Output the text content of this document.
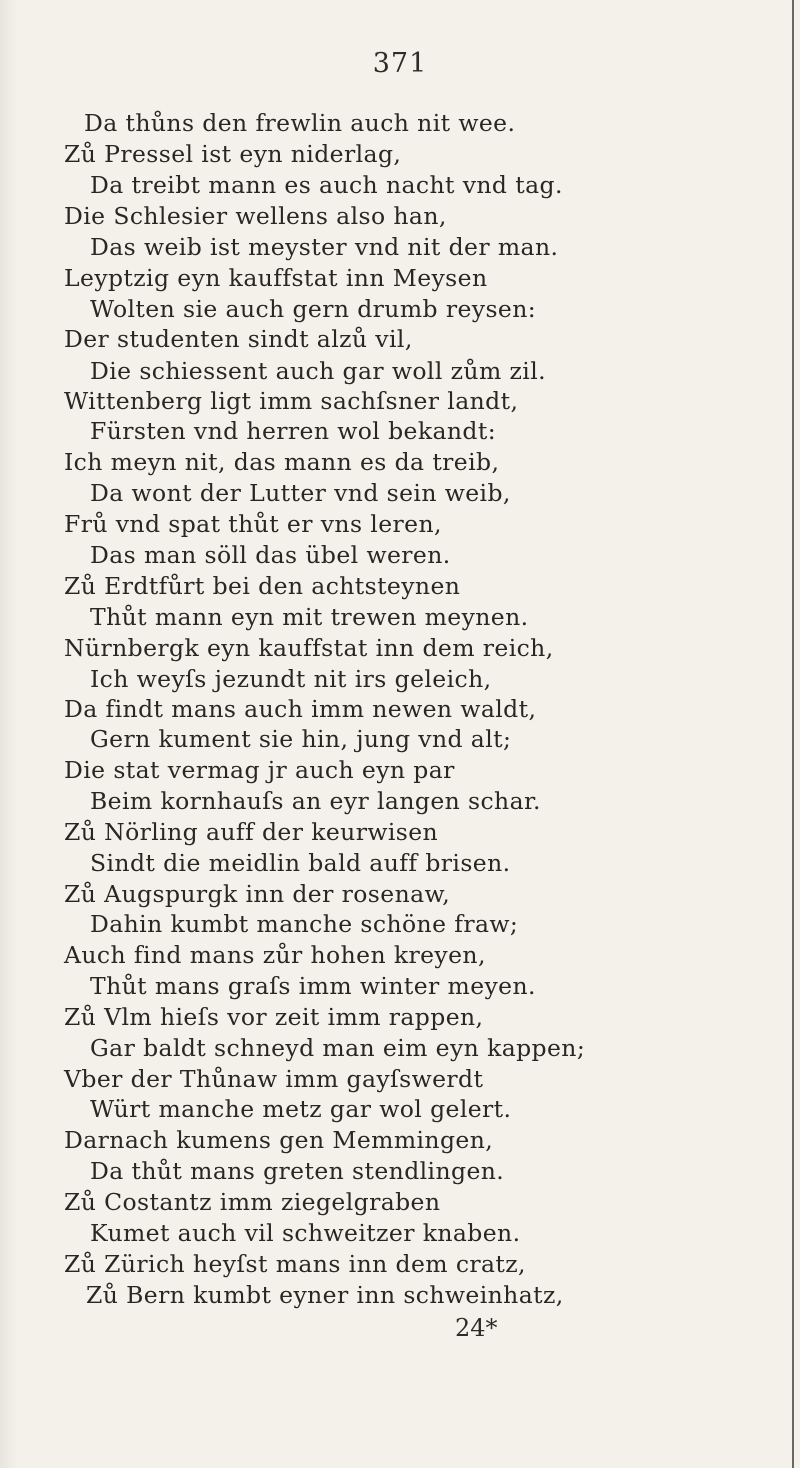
371
Da thůns den frewlin auch nit wee.
Zů Pressel ist eyn niderlag,
Da treibt mann es auch nacht vnd tag.
Die Schlesier wellens also han,
Das weib ist meyster vnd nit der man.
Leyptzig eyn kauffstat inn Meysen
Wolten sie auch gern drumb reysen:
Der studenten sindt alzů vil,
Die schiessent auch gar woll zům zil.
Wittenberg ligt imm sachſsner landt,
Fürsten vnd herren wol bekandt:
Ich meyn nit, das mann es da treib,
Da wont der Lutter vnd sein weib,
Frů vnd spat thůt er vns leren,
Das man söll das übel weren.
Zů Erdtfůrt bei den achtsteynen
Thůt mann eyn mit trewen meynen.
Nürnbergk eyn kauffstat inn dem reich,
Ich weyſs jezundt nit irs geleich,
Da findt mans auch imm newen waldt,
Gern kument sie hin, jung vnd alt;
Die stat vermag jr auch eyn par
Beim kornhauſs an eyr langen schar.
Zů Nörling auff der keurwisen
Sindt die meidlin bald auff brisen.
Zů Augspurgk inn der rosenaw,
Dahin kumbt manche schöne fraw;
Auch find mans zůr hohen kreyen,
Thůt mans graſs imm winter meyen.
Zů Vlm hieſs vor zeit imm rappen,
Gar baldt schneyd man eim eyn kappen;
Vber der Thůnaw imm gayſswerdt
Würt manche metz gar wol gelert.
Darnach kumens gen Memmingen,
Da thůt mans greten stendlingen.
Zů Costantz imm ziegelgraben
Kumet auch vil schweitzer knaben.
Zů Zürich heyſst mans inn dem cratz,
Zů Bern kumbt eyner inn schweinhatz,
24*
